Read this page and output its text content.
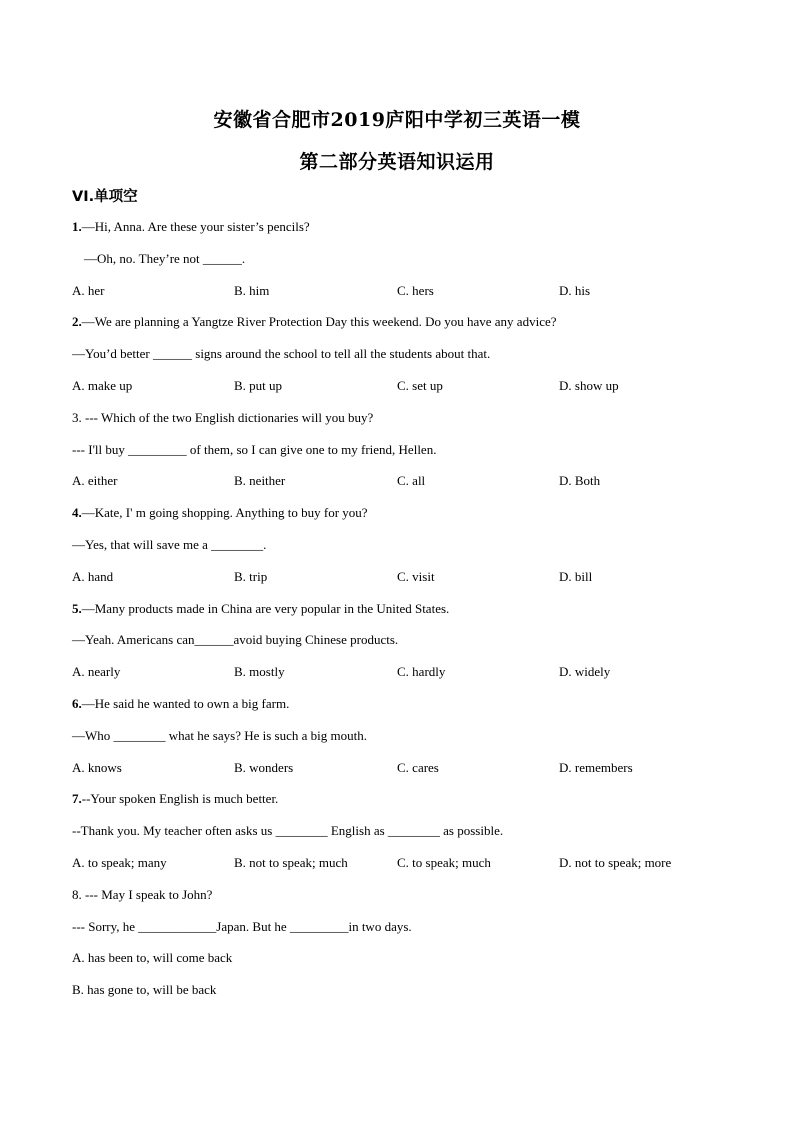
安徽省合肥市2019庐阳中学初三英语一模
第二部分英语知识运用
VI.单项空
1.—Hi, Anna. Are these your sister’s pencils?
—Oh, no. They’re not ______.
A. her	B. him	C. hers	D. his
2.—We are planning a Yangtze River Protection Day this weekend. Do you have any advice?
—You’d better ______ signs around the school to tell all the students about that.
A. make up	B. put up	C. set up	D. show up
3. --- Which of the two English dictionaries will you buy?
--- I'll buy _________ of them, so I can give one to my friend, Hellen.
A. either	B. neither	C. all	D. Both
4.—Kate, I' m going shopping. Anything to buy for you?
—Yes, that will save me a ________.
A. hand	B. trip	C. visit	D. bill
5.—Many products made in China are very popular in the United States.
—Yeah. Americans can______avoid buying Chinese products.
A. nearly	B. mostly	C. hardly	D. widely
6.—He said he wanted to own a big farm.
—Who ________ what he says? He is such a big mouth.
A. knows	B. wonders	C. cares	D. remembers
7.--Your spoken English is much better.
--Thank you. My teacher often asks us ________ English as ________ as possible.
A. to speak; many	B. not to speak; much	C. to speak; much	D. not to speak; more
8. --- May I speak to John?
--- Sorry, he ____________Japan. But he _________in two days.
A. has been to, will come back
B. has gone to, will be back
